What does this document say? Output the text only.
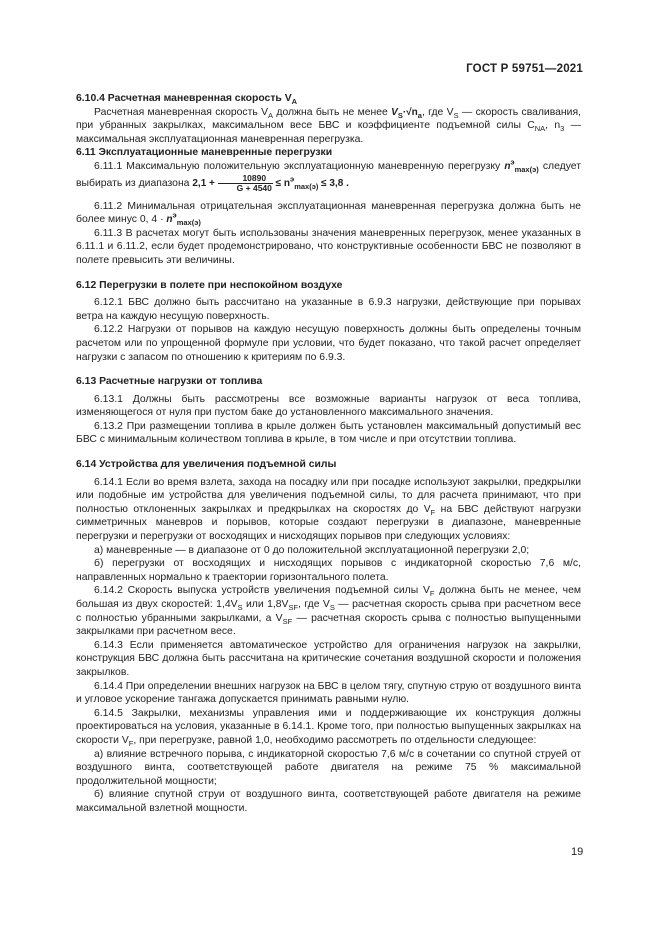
ГОСТ Р 59751—2021

6.10.4 Расчетная маневренная скорость $V_A$

Расчетная маневренная скорость $V_A$ должна быть не менее $V_S\cdot√n_a$, где $V_S$ — скорость сваливания, при убранных закрылках, максимальном весе БВС и коэффициенте подъемной силы $C_{NA}$, $n_3$ — максимальная эксплуатационная маневренная перегрузка.

6.11 Эксплуатационные маневренные перегрузки

6.11.1 Максимальную положительную эксплуатационную маневренную перегрузку $n^э_{max(э)}$ следует выбирать из диапазона $2,1 + \frac{10890}{G + 4540} \le n^э_{max(э)} \le 3,8$ .

6.11.2 Минимальная отрицательная эксплуатационная маневренная перегрузка должна быть не более минус 0, $4 \cdot n^э_{max(э)}$

6.11.3 В расчетах могут быть использованы значения маневренных перегрузок, менее указанных в 6.11.1 и 6.11.2, если будет продемонстрировано, что конструктивные особенности БВС не позволяют в полете превысить эти величины.

6.12 Перегрузки в полете при неспокойном воздухе

6.12.1 БВС должно быть рассчитано на указанные в 6.9.3 нагрузки, действующие при порывах ветра на каждую несущую поверхность.

6.12.2 Нагрузки от порывов на каждую несущую поверхность должны быть определены точным расчетом или по упрощенной формуле при условии, что будет показано, что такой расчет определяет нагрузки с запасом по отношению к критериям по 6.9.3.

6.13 Расчетные нагрузки от топлива

6.13.1 Должны быть рассмотрены все возможные варианты нагрузок от веса топлива, изменяющегося от нуля при пустом баке до установленного максимального значения.

6.13.2 При размещении топлива в крыле должен быть установлен максимальный допустимый вес БВС с минимальным количеством топлива в крыле, в том числе и при отсутствии топлива.

6.14 Устройства для увеличения подъемной силы

6.14.1 Если во время взлета, захода на посадку или при посадке используют закрылки, предкрылки или подобные им устройства для увеличения подъемной силы, то для расчета принимают, что при полностью отклоненных закрылках и предкрылках на скоростях до $V_F$ на БВС действуют нагрузки симметричных маневров и порывов, которые создают перегрузки в диапазоне, маневренные перегрузки и перегрузки от восходящих и нисходящих порывов при следующих условиях:

а) маневренные — в диапазоне от 0 до положительной эксплуатационной перегрузки 2,0;

б) перегрузки от восходящих и нисходящих порывов с индикаторной скоростью 7,6 м/с, направленных нормально к траектории горизонтального полета.

6.14.2 Скорость выпуска устройств увеличения подъемной силы $V_F$ должна быть не менее, чем большая из двух скоростей: $1,4V_S$ или $1,8V_{SF}$, где $V_S$ — расчетная скорость срыва при расчетном весе с полностью убранными закрылками, а $V_{SF}$ — расчетная скорость срыва с полностью выпущенными закрылками при расчетном весе.

6.14.3 Если применяется автоматическое устройство для ограничения нагрузок на закрылки, конструкция БВС должна быть рассчитана на критические сочетания воздушной скорости и положения закрылков.

6.14.4 При определении внешних нагрузок на БВС в целом тягу, спутную струю от воздушного винта и угловое ускорение тангажа допускается принимать равными нулю.

6.14.5 Закрылки, механизмы управления ими и поддерживающие их конструкция должны проектироваться на условия, указанные в 6.14.1. Кроме того, при полностью выпущенных закрылках на скорости $V_F$, при перегрузке, равной 1,0, необходимо рассмотреть по отдельности следующее:

а) влияние встречного порыва, с индикаторной скоростью 7,6 м/с в сочетании со спутной струей от воздушного винта, соответствующей работе двигателя на режиме 75 % максимальной продолжительной мощности;

б) влияние спутной струи от воздушного винта, соответствующей работе двигателя на режиме максимальной взлетной мощности.

19
